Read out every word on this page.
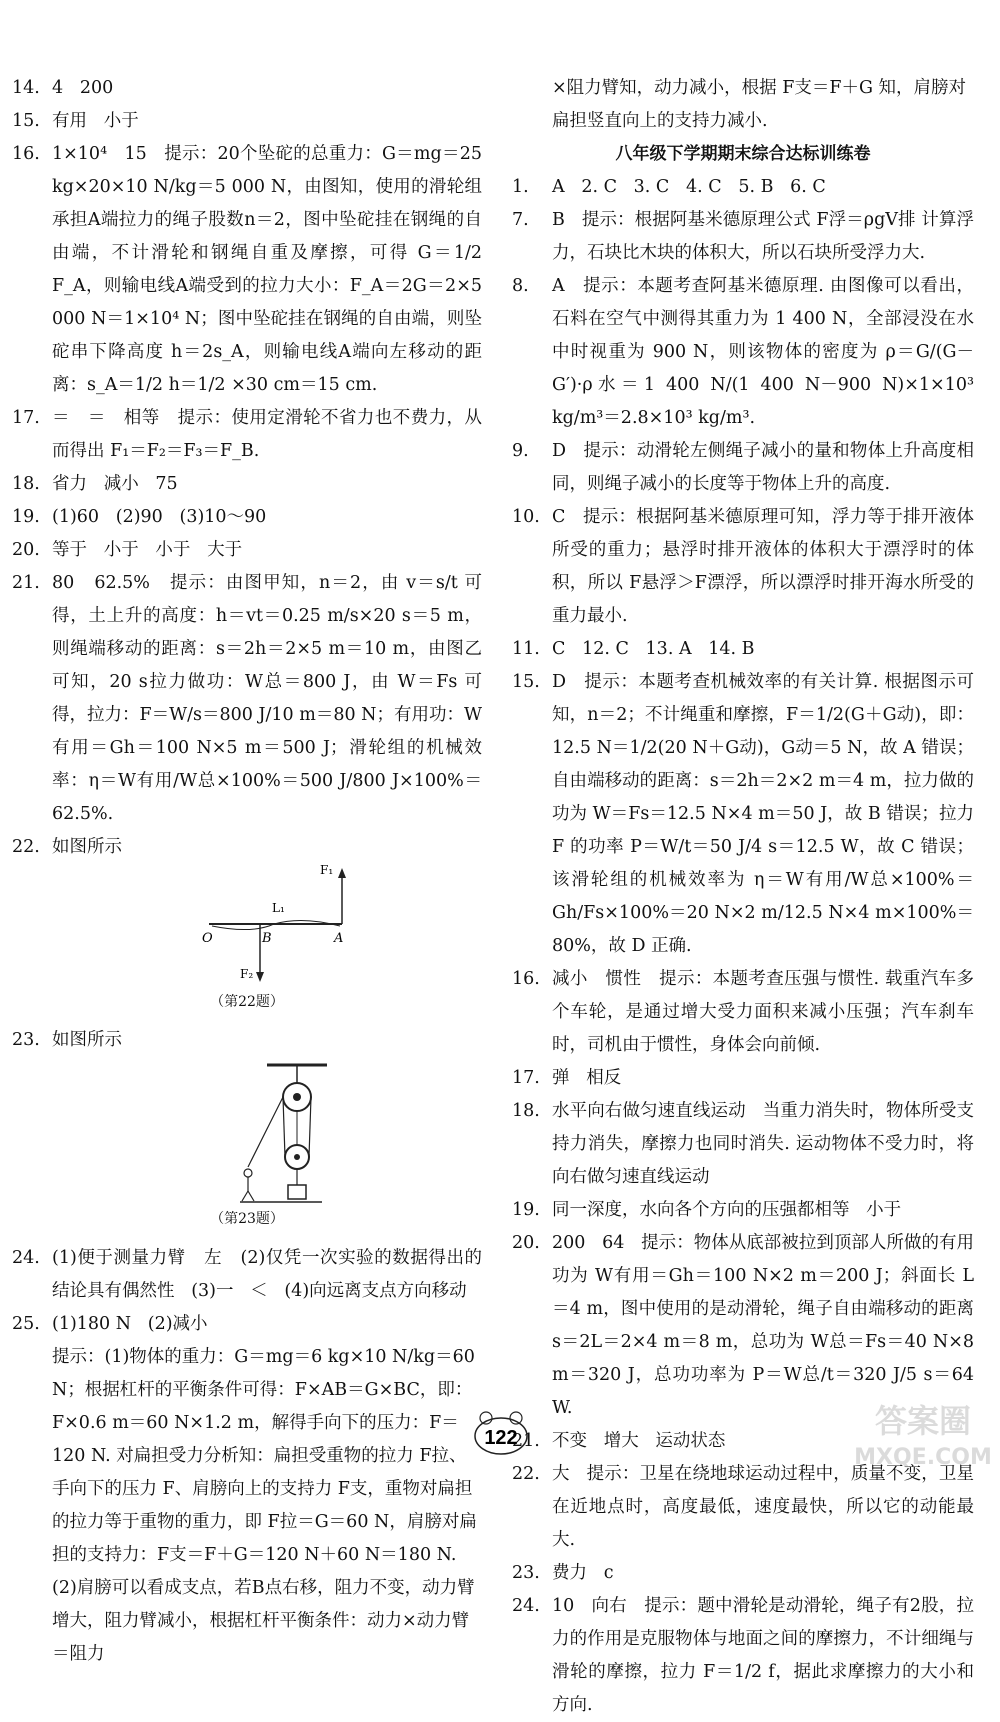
14. 4   200
15. 有用   小于
16. 1×10⁴   15   提示：20个坠砣的总重力：G＝mg＝25 kg×20×10 N/kg＝5 000 N，由图知，使用的滑轮组承担A端拉力的绳子股数n＝2，图中坠砣挂在钢绳的自由端，不计滑轮和钢绳自重及摩擦，可得 G＝1/2 F_A，则输电线A端受到的拉力大小：F_A＝2G＝2×5 000 N＝1×10⁴ N；图中坠砣挂在钢绳的自由端，则坠砣串下降高度 h＝2s_A，则输电线A端向左移动的距离：s_A＝1/2 h＝1/2 ×30 cm＝15 cm.
17. ＝   ＝   相等   提示：使用定滑轮不省力也不费力，从而得出 F₁＝F₂＝F₃＝F_B.
18. 省力   减小   75
19. (1)60   (2)90   (3)10～90
20. 等于   小于   小于   大于
21. 80   62.5%   提示：由图甲知，n＝2，由 v＝s/t 可得，土上升的高度：h＝vt＝0.25 m/s×20 s＝5 m，则绳端移动的距离：s＝2h＝2×5 m＝10 m，由图乙可知，20 s拉力做功：W总＝800 J，由 W＝Fs 可得，拉力：F＝W/s＝800 J/10 m＝80 N；有用功：W有用＝Gh＝100 N×5 m＝500 J；滑轮组的机械效率：η＝W有用/W总×100%＝500 J/800 J×100%＝62.5%.
22. 如图所示
F₁
L₁
O	B	A
F₂
（第22题）
23. 如图所示
（第23题）
24. (1)便于测量力臂   左   (2)仅凭一次实验的数据得出的结论具有偶然性   (3)一   ＜   (4)向远离支点方向移动
25. (1)180 N   (2)减小
提示：(1)物体的重力：G＝mg＝6 kg×10 N/kg＝60 N；根据杠杆的平衡条件可得：F×AB＝G×BC，即：F×0.6 m＝60 N×1.2 m，解得手向下的压力：F＝120 N. 对扁担受力分析知：扁担受重物的拉力 F拉、手向下的压力 F、肩膀向上的支持力 F支，重物对扁担的拉力等于重物的重力，即 F拉＝G＝60 N，肩膀对扁担的支持力：F支＝F＋G＝120 N＋60 N＝180 N.
(2)肩膀可以看成支点，若B点右移，阻力不变，动力臂增大，阻力臂减小，根据杠杆平衡条件：动力×动力臂＝阻力
×阻力臂知，动力减小，根据 F支＝F＋G 知，肩膀对扁担竖直向上的支持力减小.
八年级下学期期末综合达标训练卷
1.	A   2. C   3. C   4. C   5. B   6. C
7.	B   提示：根据阿基米德原理公式 F浮＝ρgV排 计算浮力，石块比木块的体积大，所以石块所受浮力大.
8.	A   提示：本题考查阿基米德原理. 由图像可以看出，石料在空气中测得其重力为 1 400 N，全部浸没在水中时视重为 900 N，则该物体的密度为 ρ＝G/(G－G′)·ρ水＝1 400 N/(1 400 N－900 N)×1×10³ kg/m³＝2.8×10³ kg/m³.
9.	D   提示：动滑轮左侧绳子减小的量和物体上升高度相同，则绳子减小的长度等于物体上升的高度.
10. C   提示：根据阿基米德原理可知，浮力等于排开液体所受的重力；悬浮时排开液体的体积大于漂浮时的体积，所以 F悬浮＞F漂浮，所以漂浮时排开海水所受的重力最小.
11. C   12. C   13. A   14. B
15. D   提示：本题考查机械效率的有关计算. 根据图示可知，n＝2；不计绳重和摩擦，F＝1/2(G＋G动)，即：12.5 N＝1/2(20 N＋G动)，G动＝5 N，故 A 错误；自由端移动的距离：s＝2h＝2×2 m＝4 m，拉力做的功为 W＝Fs＝12.5 N×4 m＝50 J，故 B 错误；拉力 F 的功率 P＝W/t＝50 J/4 s＝12.5 W，故 C 错误；该滑轮组的机械效率为 η＝W有用/W总×100%＝Gh/Fs×100%＝20 N×2 m/12.5 N×4 m×100%＝80%，故 D 正确.
16. 减小   惯性   提示：本题考查压强与惯性. 载重汽车多个车轮，是通过增大受力面积来减小压强；汽车刹车时，司机由于惯性，身体会向前倾.
17. 弹   相反
18. 水平向右做匀速直线运动   当重力消失时，物体所受支持力消失，摩擦力也同时消失. 运动物体不受力时，将向右做匀速直线运动
19. 同一深度，水向各个方向的压强都相等   小于
20. 200   64   提示：物体从底部被拉到顶部人所做的有用功为 W有用＝Gh＝100 N×2 m＝200 J；斜面长 L＝4 m，图中使用的是动滑轮，绳子自由端移动的距离 s＝2L＝2×4 m＝8 m，总功为 W总＝Fs＝40 N×8 m＝320 J，总功功率为 P＝W总/t＝320 J/5 s＝64 W.
21. 不变   增大   运动状态
22. 大   提示：卫星在绕地球运动过程中，质量不变，卫星在近地点时，高度最低，速度最快，所以它的动能最大.
23. 费力   c
24. 10   向右   提示：题中滑轮是动滑轮，绳子有2股，拉力的作用是克服物体与地面之间的摩擦力，不计细绳与滑轮的摩擦，拉力 F＝1/2 f，据此求摩擦力的大小和方向.
122	答案圈
MXQE.COM
